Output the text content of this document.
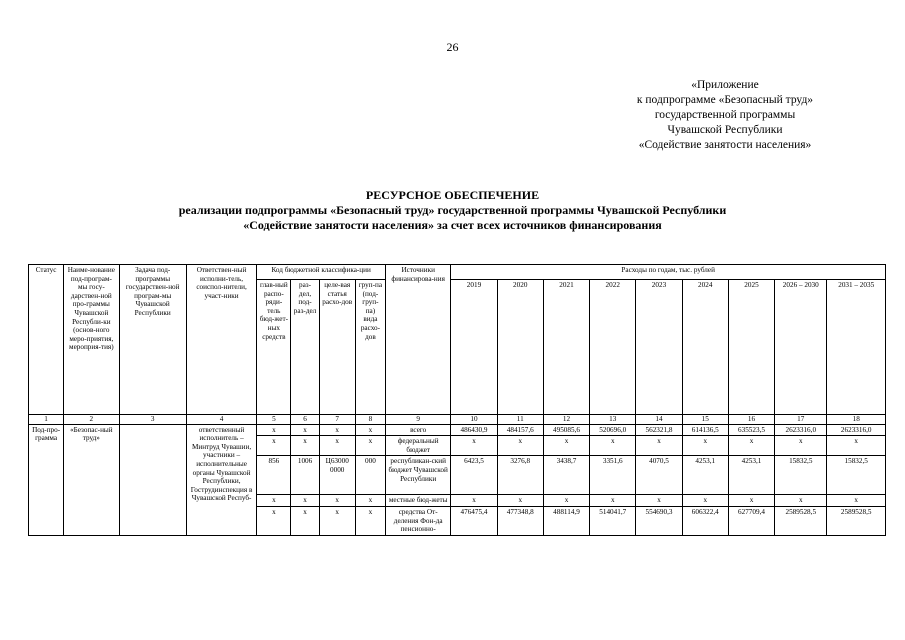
26
«Приложение
к подпрограмме «Безопасный труд»
государственной программы
Чувашской Республики
«Содействие занятости населения»
РЕСУРСНОЕ ОБЕСПЕЧЕНИЕ
реализации подпрограммы «Безопасный труд» государственной программы Чувашской Республики
«Содействие занятости населения» за счет всех источников финансирования
Статус	Наиме-нование под-програм-мы госу-дарствен-ной про-граммы Чувашской Республи-ки (основ-ного меро-приятия, мероприя-тия)	Задача под-программы государствен-ной програм-мы Чувашской Республики	Ответствен-ный исполни-тель, соиспол-нители, участ-ники	Код бюджетной классифика-ции				Источники финансирова-ния	Расходы по годам, тыс. рублей								
				глав-ный распо-ряди-тель бюд-жет-ных средств	раз-дел, под-раз-дел	целе-вая статья расхо-дов	груп-па (под-груп-па) вида расхо-дов		2019	2020	2021	2022	2023	2024	2025	2026 – 2030	2031 – 2035
1	2	3	4	5	6	7	8	9	10	11	12	13	14	15	16	17	18
Под-про-грамма	«Безопас-ный труд»		ответственный исполнитель – Минтруд Чувашии, участники – исполнительные органы Чувашской Республики, Гострудинспекция в Чувашской Респуб-	x	x	x	x	всего	486430,9	484157,6	495085,6	520696,0	562321,8	614136,5	635523,5	2623316,0	2623316,0
				x	x	x	x	федеральный бюджет	x	x	x	x	x	x	x	x	x
				856	1006	Ц63000 0000	000	республикан-ский бюджет Чувашской Республики	6423,5	3276,8	3438,7	3351,6	4070,5	4253,1	4253,1	15832,5	15832,5
				x	x	x	x	местные бюд-жеты	x	x	x	x	x	x	x	x	x
				x	x	x	x	средства От-деления Фон-да пенсионно-	476475,4	477348,8	488114,9	514041,7	554690,3	606322,4	627709,4	2589528,5	2589528,5
